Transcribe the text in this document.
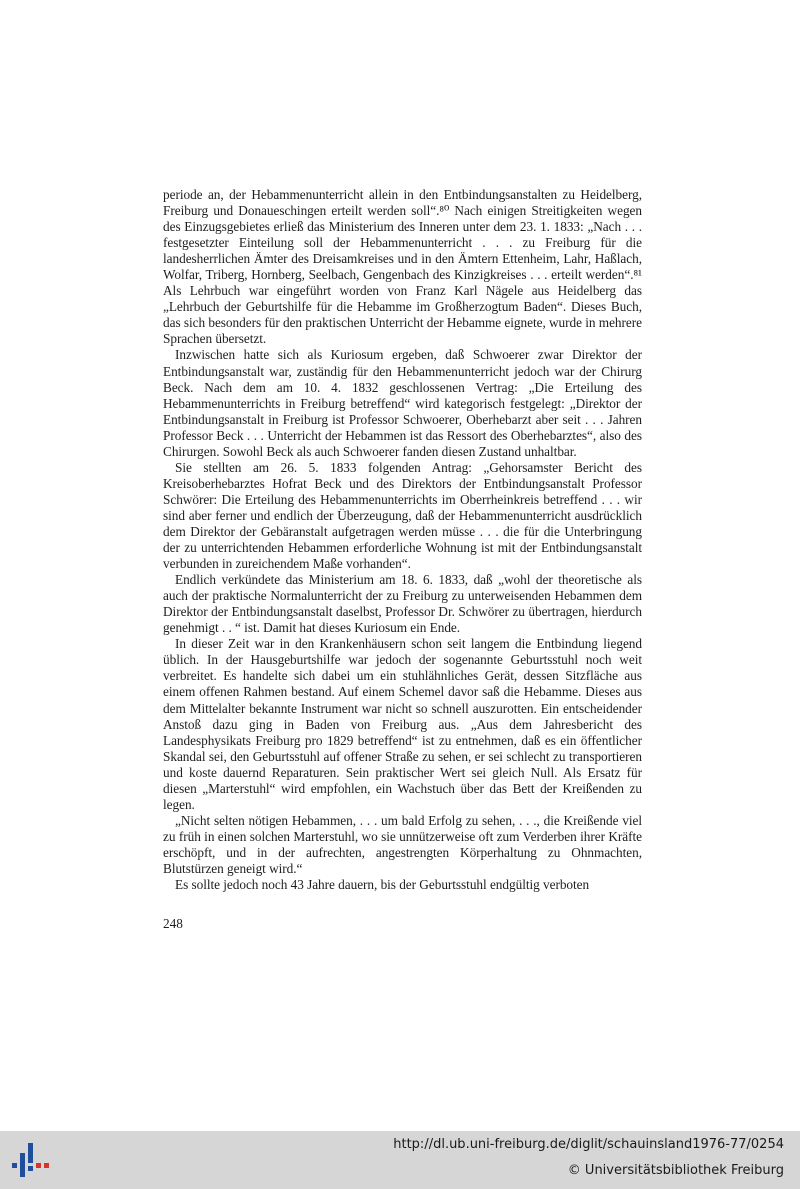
periode an, der Hebammenunterricht allein in den Entbindungsanstalten zu Heidelberg, Freiburg und Donaueschingen erteilt werden soll“.⁸⁰ Nach einigen Streitigkeiten wegen des Einzugsgebietes erließ das Ministerium des Inneren unter dem 23. 1. 1833: „Nach . . . festgesetzter Einteilung soll der Hebammenunterricht . . . zu Freiburg für die landesherrlichen Ämter des Dreisamkreises und in den Ämtern Ettenheim, Lahr, Haßlach, Wolfar, Triberg, Hornberg, Seelbach, Gengenbach des Kinzigkreises . . . erteilt werden“.⁸¹ Als Lehrbuch war eingeführt worden von Franz Karl Nägele aus Heidelberg das „Lehrbuch der Geburtshilfe für die Hebamme im Großherzogtum Baden“. Dieses Buch, das sich besonders für den praktischen Unterricht der Hebamme eignete, wurde in mehrere Sprachen übersetzt.

Inzwischen hatte sich als Kuriosum ergeben, daß Schwoerer zwar Direktor der Entbindungsanstalt war, zuständig für den Hebammenunterricht jedoch war der Chirurg Beck. Nach dem am 10. 4. 1832 geschlossenen Vertrag: „Die Erteilung des Hebammenunterrichts in Freiburg betreffend“ wird kategorisch festgelegt: „Direktor der Entbindungsanstalt in Freiburg ist Professor Schwoerer, Oberhebarzt aber seit . . . Jahren Professor Beck . . . Unterricht der Hebammen ist das Ressort des Oberhebarztes“, also des Chirurgen. Sowohl Beck als auch Schwoerer fanden diesen Zustand unhaltbar.

Sie stellten am 26. 5. 1833 folgenden Antrag: „Gehorsamster Bericht des Kreisoberhebarztes Hofrat Beck und des Direktors der Entbindungsanstalt Professor Schwörer: Die Erteilung des Hebammenunterrichts im Oberrheinkreis betreffend . . . wir sind aber ferner und endlich der Überzeugung, daß der Hebammenunterricht ausdrücklich dem Direktor der Gebäranstalt aufgetragen werden müsse . . . die für die Unterbringung der zu unterrichtenden Hebammen erforderliche Wohnung ist mit der Entbindungsanstalt verbunden in zureichendem Maße vorhanden“.

Endlich verkündete das Ministerium am 18. 6. 1833, daß „wohl der theoretische als auch der praktische Normalunterricht der zu Freiburg zu unterweisenden Hebammen dem Direktor der Entbindungsanstalt daselbst, Professor Dr. Schwörer zu übertragen, hierdurch genehmigt . . “ ist. Damit hat dieses Kuriosum ein Ende.

In dieser Zeit war in den Krankenhäusern schon seit langem die Entbindung liegend üblich. In der Hausgeburtshilfe war jedoch der sogenannte Geburtsstuhl noch weit verbreitet. Es handelte sich dabei um ein stuhlähnliches Gerät, dessen Sitzfläche aus einem offenen Rahmen bestand. Auf einem Schemel davor saß die Hebamme. Dieses aus dem Mittelalter bekannte Instrument war nicht so schnell auszurotten. Ein entscheidender Anstoß dazu ging in Baden von Freiburg aus. „Aus dem Jahresbericht des Landesphysikats Freiburg pro 1829 betreffend“ ist zu entnehmen, daß es ein öffentlicher Skandal sei, den Geburtsstuhl auf offener Straße zu sehen, er sei schlecht zu transportieren und koste dauernd Reparaturen. Sein praktischer Wert sei gleich Null. Als Ersatz für diesen „Marterstuhl“ wird empfohlen, ein Wachstuch über das Bett der Kreißenden zu legen.

„Nicht selten nötigen Hebammen, . . . um bald Erfolg zu sehen, . . ., die Kreißende viel zu früh in einen solchen Marterstuhl, wo sie unnützerweise oft zum Verderben ihrer Kräfte erschöpft, und in der aufrechten, angestrengten Körperhaltung zu Ohnmachten, Blutstürzen geneigt wird.“

Es sollte jedoch noch 43 Jahre dauern, bis der Geburtsstuhl endgültig verboten

248
http://dl.ub.uni-freiburg.de/diglit/schauinsland1976-77/0254
© Universitätsbibliothek Freiburg
